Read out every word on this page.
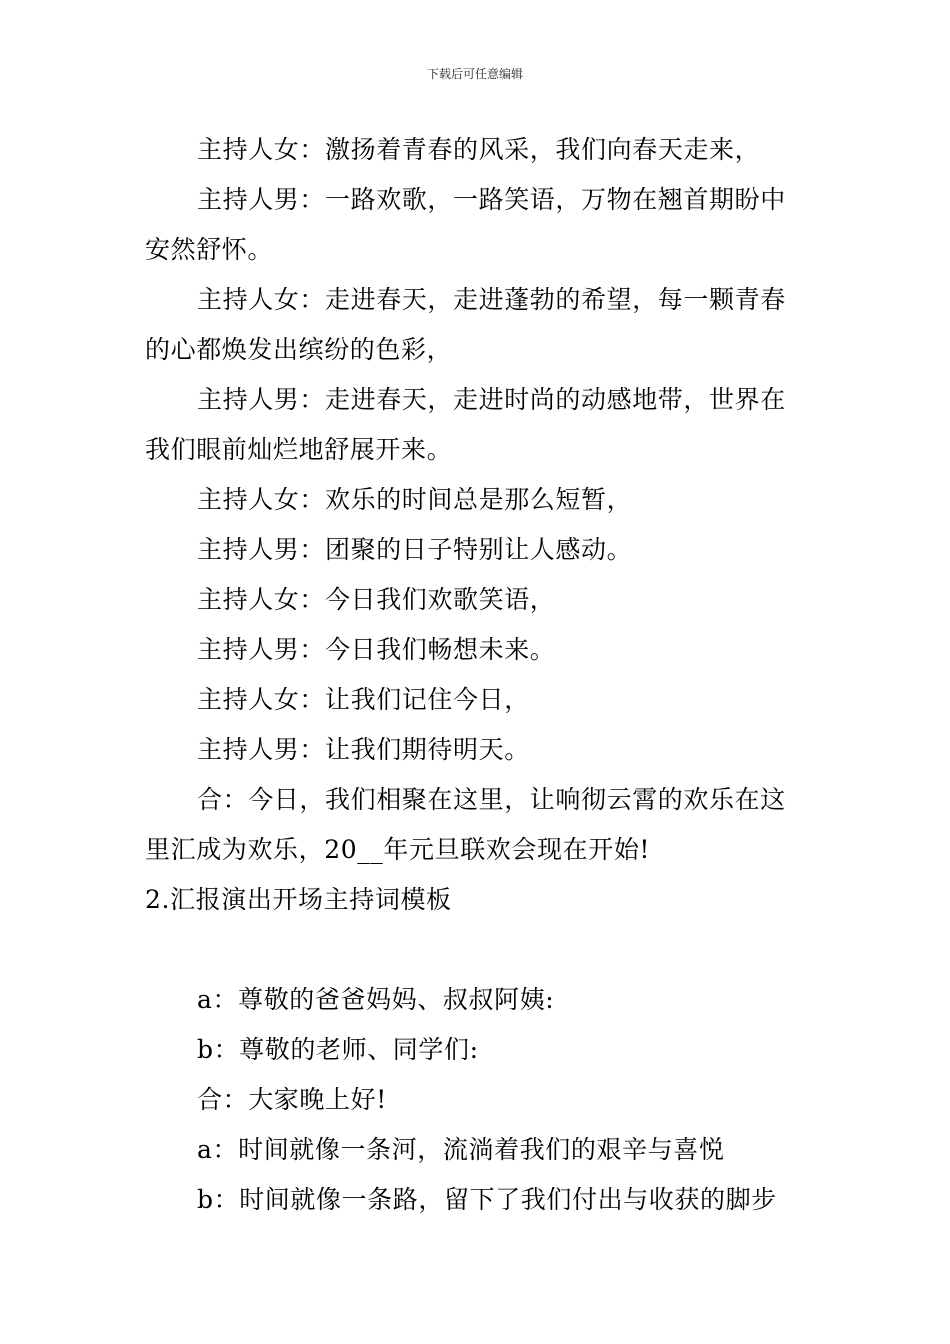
下载后可任意编辑

主持人女：激扬着青春的风采，我们向春天走来，

主持人男：一路欢歌，一路笑语，万物在翘首期盼中安然舒怀。

主持人女：走进春天，走进蓬勃的希望，每一颗青春的心都焕发出缤纷的色彩，

主持人男：走进春天，走进时尚的动感地带，世界在我们眼前灿烂地舒展开来。

主持人女：欢乐的时间总是那么短暂，

主持人男：团聚的日子特别让人感动。

主持人女：今日我们欢歌笑语，

主持人男：今日我们畅想未来。

主持人女：让我们记住今日，

主持人男：让我们期待明天。

合：今日，我们相聚在这里，让响彻云霄的欢乐在这里汇成为欢乐，20__年元旦联欢会现在开始!

2.汇报演出开场主持词模板

a：尊敬的爸爸妈妈、叔叔阿姨:

b：尊敬的老师、同学们:

合：大家晚上好!

a：时间就像一条河，流淌着我们的艰辛与喜悦

b：时间就像一条路，留下了我们付出与收获的脚步
